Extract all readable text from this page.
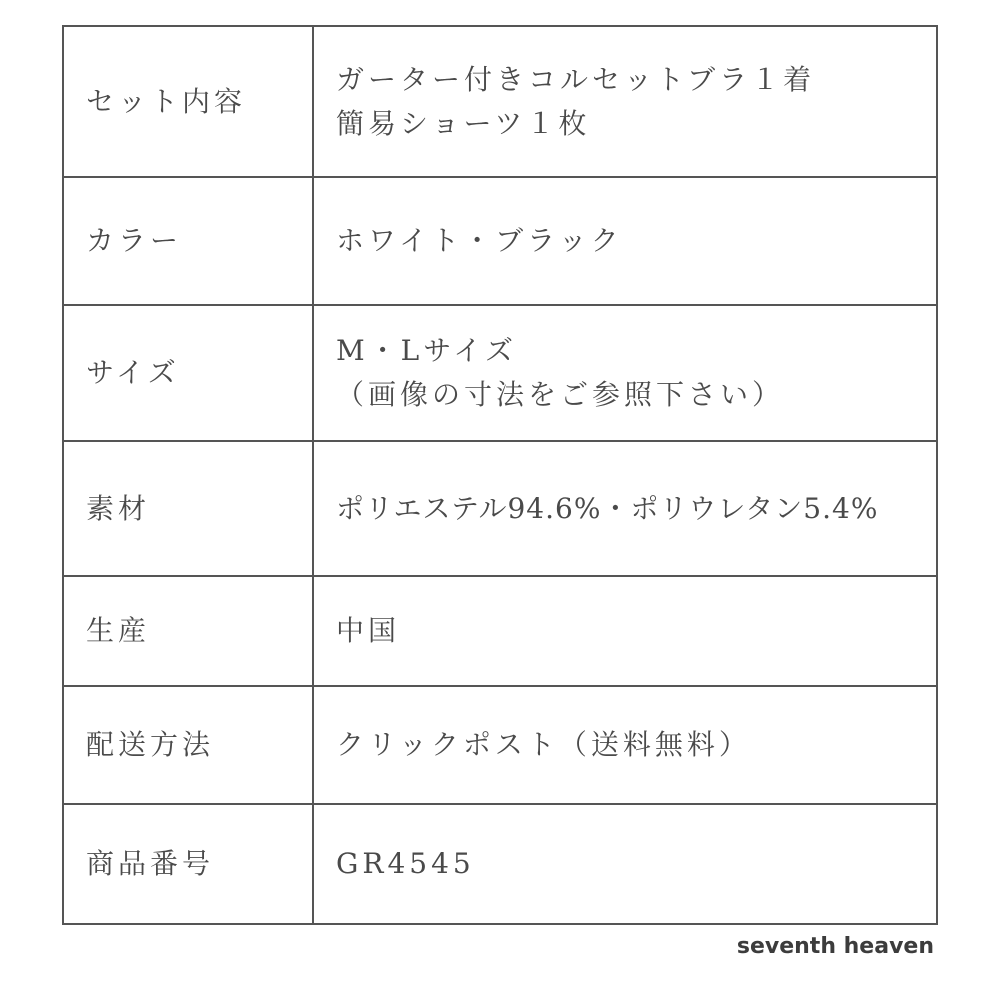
セット内容	ガーター付きコルセットブラ１着
簡易ショーツ１枚

カラー	ホワイト・ブラック

サイズ	M・Lサイズ
（画像の寸法をご参照下さい）

素材	ポリエステル94.6%・ポリウレタン5.4%

生産	中国

配送方法	クリックポスト（送料無料）

商品番号	GR4545
seventh heaven
